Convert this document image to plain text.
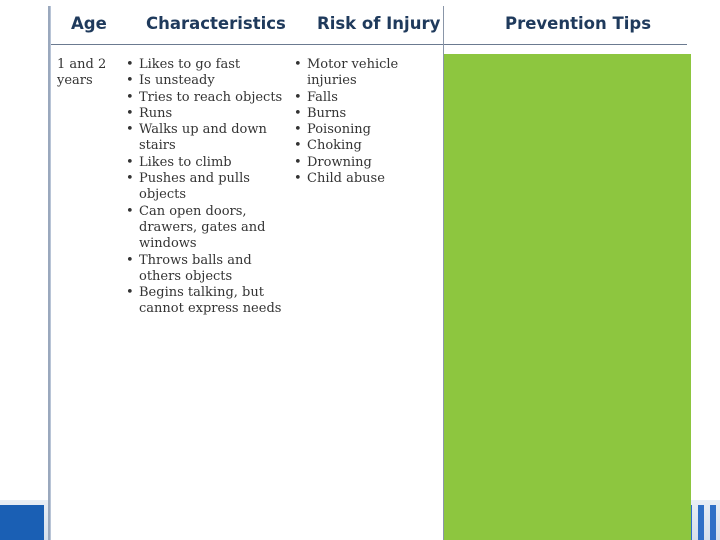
Age Characteristics Risk of Injury	Prevention Tips
1 and 2 years
• Likes to go fast
• Is unsteady
• Tries to reach objects
• Runs
• Walks up and down stairs
• Likes to climb
• Pushes and pulls objects
• Can open doors, drawers, gates and windows
• Throws balls and others objects
• Begins talking, but cannot express needs
• Motor vehicle injuries
• Falls
• Burns
• Poisoning
• Choking
• Drowning
• Child abuse
